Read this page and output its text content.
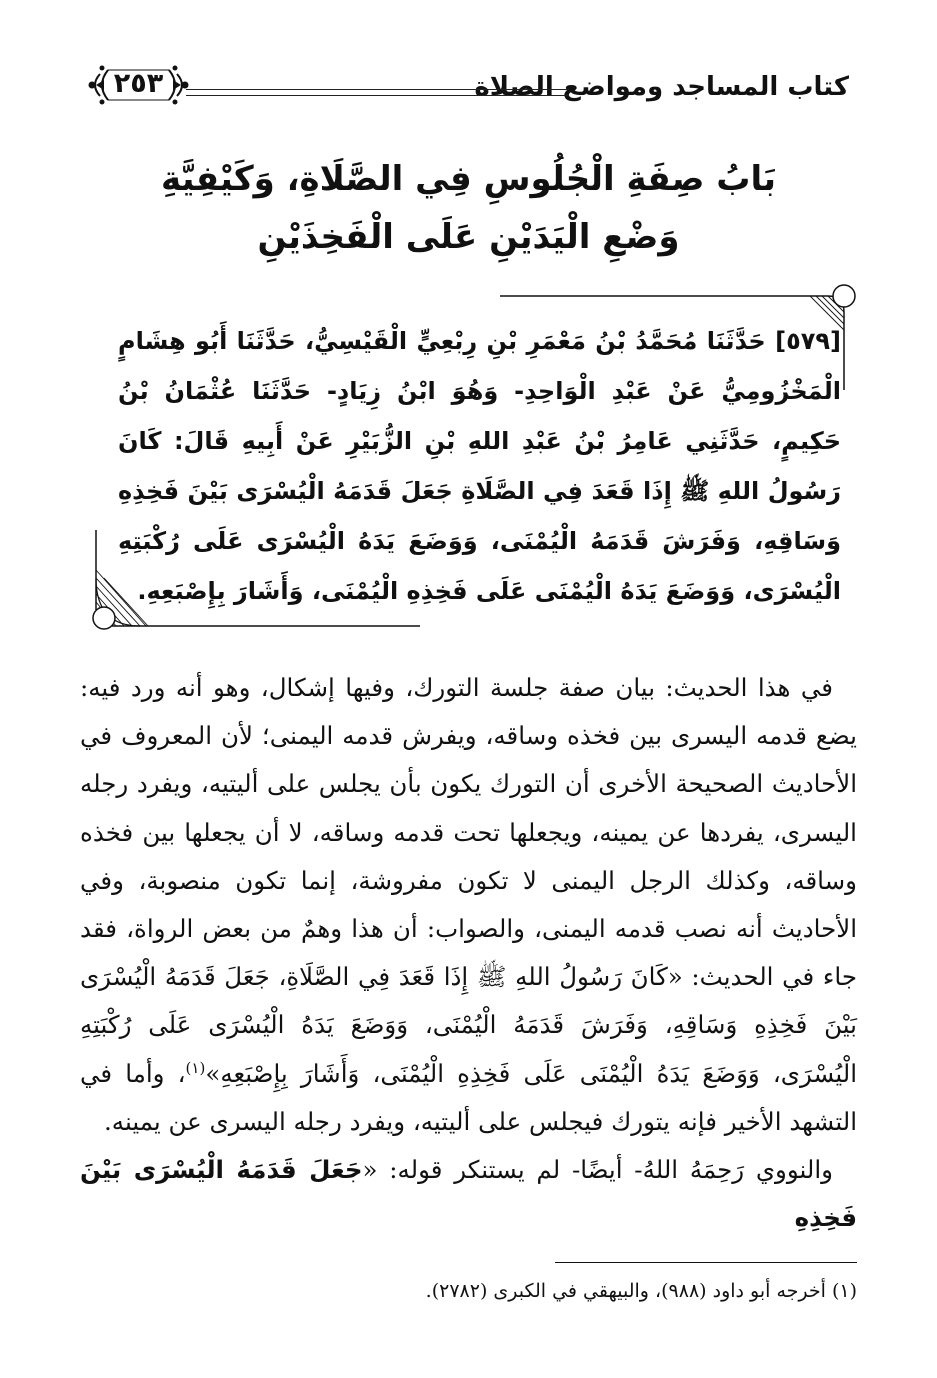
كتاب المساجد ومواضع الصلاة
٢٥٣
بَابُ صِفَةِ الْجُلُوسِ فِي الصَّلَاةِ، وَكَيْفِيَّةِ
وَضْعِ الْيَدَيْنِ عَلَى الْفَخِذَيْنِ
[٥٧٩] حَدَّثَنَا مُحَمَّدُ بْنُ مَعْمَرِ بْنِ رِبْعِيٍّ الْقَيْسِيُّ، حَدَّثَنَا أَبُو هِشَامٍ الْمَخْزُومِيُّ عَنْ عَبْدِ الْوَاحِدِ- وَهُوَ ابْنُ زِيَادٍ- حَدَّثَنَا عُثْمَانُ بْنُ حَكِيمٍ، حَدَّثَنِي عَامِرُ بْنُ عَبْدِ اللهِ بْنِ الزُّبَيْرِ عَنْ أَبِيهِ قَالَ: كَانَ رَسُولُ اللهِ ﷺ إِذَا قَعَدَ فِي الصَّلَاةِ جَعَلَ قَدَمَهُ الْيُسْرَى بَيْنَ فَخِذِهِ وَسَاقِهِ، وَفَرَشَ قَدَمَهُ الْيُمْنَى، وَوَضَعَ يَدَهُ الْيُسْرَى عَلَى رُكْبَتِهِ الْيُسْرَى، وَوَضَعَ يَدَهُ الْيُمْنَى عَلَى فَخِذِهِ الْيُمْنَى، وَأَشَارَ بِإِصْبَعِهِ.

في هذا الحديث: بيان صفة جلسة التورك، وفيها إشكال، وهو أنه ورد فيه: يضع قدمه اليسرى بين فخذه وساقه، ويفرش قدمه اليمنى؛ لأن المعروف في الأحاديث الصحيحة الأخرى أن التورك يكون بأن يجلس على أليتيه، ويفرد رجله اليسرى، يفردها عن يمينه، ويجعلها تحت قدمه وساقه، لا أن يجعلها بين فخذه وساقه، وكذلك الرجل اليمنى لا تكون مفروشة، إنما تكون منصوبة، وفي الأحاديث أنه نصب قدمه اليمنى، والصواب: أن هذا وهمٌ من بعض الرواة، فقد جاء في الحديث: «كَانَ رَسُولُ اللهِ ﷺ إِذَا قَعَدَ فِي الصَّلَاةِ، جَعَلَ قَدَمَهُ الْيُسْرَى بَيْنَ فَخِذِهِ وَسَاقِهِ، وَفَرَشَ قَدَمَهُ الْيُمْنَى، وَوَضَعَ يَدَهُ الْيُسْرَى عَلَى رُكْبَتِهِ الْيُسْرَى، وَوَضَعَ يَدَهُ الْيُمْنَى عَلَى فَخِذِهِ الْيُمْنَى، وَأَشَارَ بِإِصْبَعِهِ»$^{(١)}$، وأما في التشهد الأخير فإنه يتورك فيجلس على أليتيه، ويفرد رجله اليسرى عن يمينه.

والنووي رَحِمَهُ اللهُ- أيضًا- لم يستنكر قوله: «جَعَلَ قَدَمَهُ الْيُسْرَى بَيْنَ فَخِذِهِ

(١) أخرجه أبو داود (٩٨٨)، والبيهقي في الكبرى (٢٧٨٢).
